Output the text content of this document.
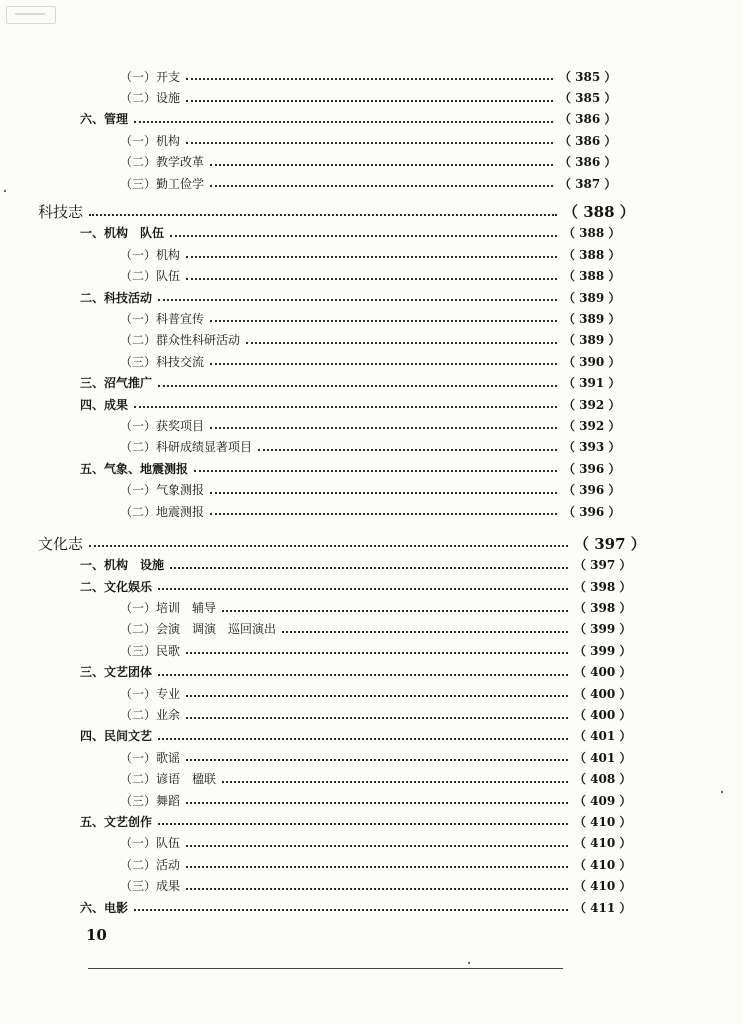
（一）开支	（ 385 ）
（二）设施	（ 385 ）
六、管理	（ 386 ）
（一）机构	（ 386 ）
（二）教学改革	（ 386 ）
（三）勤工俭学	（ 387 ）
科技志	（ 388 ）
一、机构　队伍	（ 388 ）
（一）机构	（ 388 ）
（二）队伍	（ 388 ）
二、科技活动	（ 389 ）
（一）科普宣传	（ 389 ）
（二）群众性科研活动	（ 389 ）
（三）科技交流	（ 390 ）
三、沼气推广	（ 391 ）
四、成果	（ 392 ）
（一）获奖项目	（ 392 ）
（二）科研成绩显著项目	（ 393 ）
五、气象、地震测报	（ 396 ）
（一）气象测报	（ 396 ）
（二）地震测报	（ 396 ）
文化志	（ 397 ）
一、机构　设施	（ 397 ）
二、文化娱乐	（ 398 ）
（一）培训　辅导	（ 398 ）
（二）会演　调演　巡回演出	（ 399 ）
（三）民歌	（ 399 ）
三、文艺团体	（ 400 ）
（一）专业	（ 400 ）
（二）业余	（ 400 ）
四、民间文艺	（ 401 ）
（一）歌谣	（ 401 ）
（二）谚语　楹联	（ 408 ）
（三）舞蹈	（ 409 ）
五、文艺创作	（ 410 ）
（一）队伍	（ 410 ）
（二）活动	（ 410 ）
（三）成果	（ 410 ）
六、电影	（ 411 ）
10
